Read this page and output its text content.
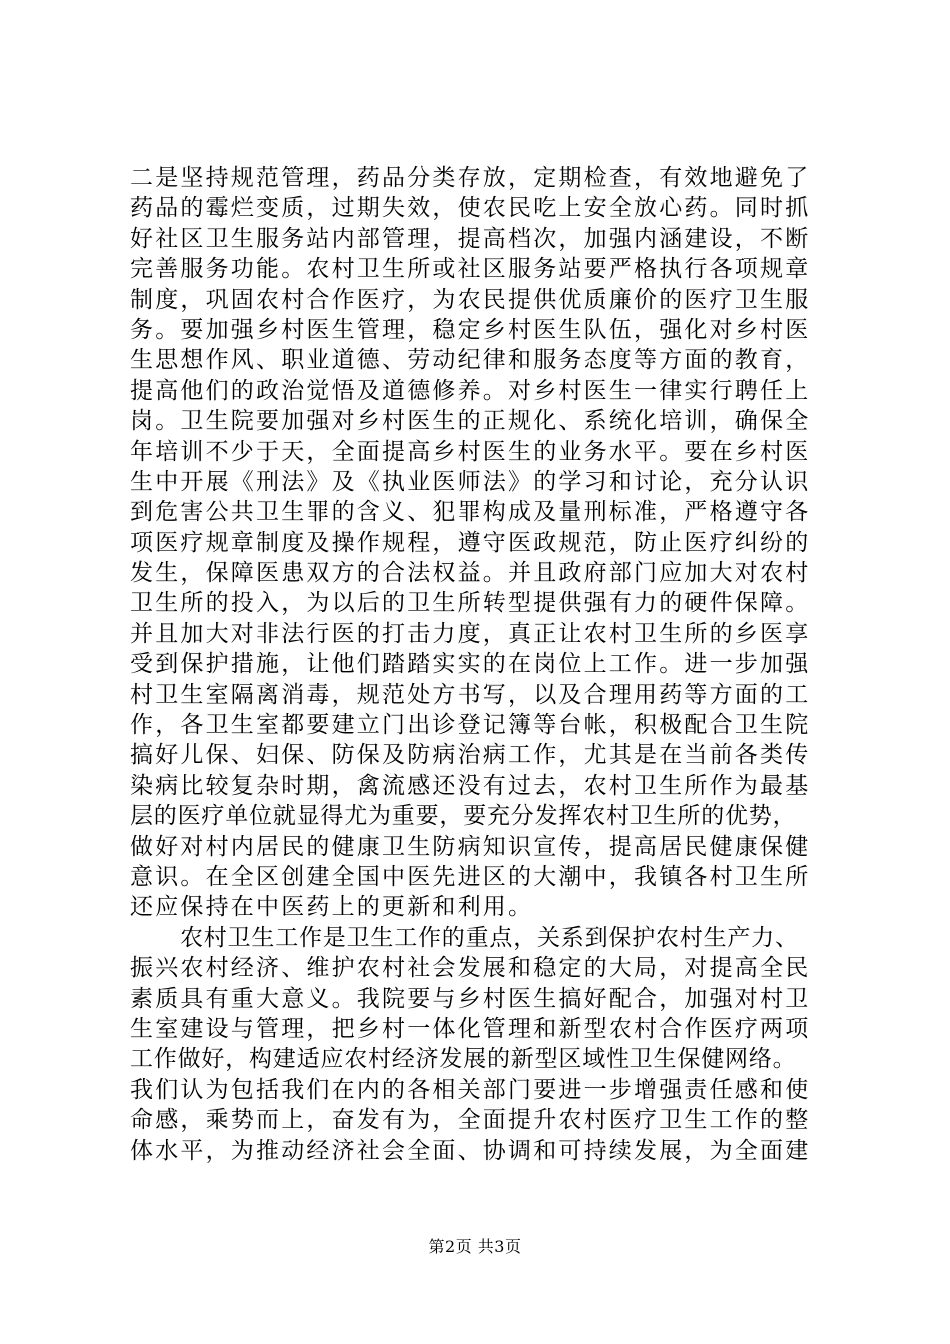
二是坚持规范管理，药品分类存放，定期检查，有效地避免了
药品的霉烂变质，过期失效，使农民吃上安全放心药。同时抓
好社区卫生服务站内部管理，提高档次，加强内涵建设，不断
完善服务功能。农村卫生所或社区服务站要严格执行各项规章
制度，巩固农村合作医疗，为农民提供优质廉价的医疗卫生服
务。要加强乡村医生管理，稳定乡村医生队伍，强化对乡村医
生思想作风、职业道德、劳动纪律和服务态度等方面的教育，
提高他们的政治觉悟及道德修养。对乡村医生一律实行聘任上
岗。卫生院要加强对乡村医生的正规化、系统化培训，确保全
年培训不少于天，全面提高乡村医生的业务水平。要在乡村医
生中开展《刑法》及《执业医师法》的学习和讨论，充分认识
到危害公共卫生罪的含义、犯罪构成及量刑标准，严格遵守各
项医疗规章制度及操作规程，遵守医政规范，防止医疗纠纷的
发生，保障医患双方的合法权益。并且政府部门应加大对农村
卫生所的投入，为以后的卫生所转型提供强有力的硬件保障。
并且加大对非法行医的打击力度，真正让农村卫生所的乡医享
受到保护措施，让他们踏踏实实的在岗位上工作。进一步加强
村卫生室隔离消毒，规范处方书写，以及合理用药等方面的工
作，各卫生室都要建立门出诊登记簿等台帐，积极配合卫生院
搞好儿保、妇保、防保及防病治病工作，尤其是在当前各类传
染病比较复杂时期，禽流感还没有过去，农村卫生所作为最基
层的医疗单位就显得尤为重要，要充分发挥农村卫生所的优势，
做好对村内居民的健康卫生防病知识宣传，提高居民健康保健
意识。在全区创建全国中医先进区的大潮中，我镇各村卫生所
还应保持在中医药上的更新和利用。
农村卫生工作是卫生工作的重点，关系到保护农村生产力、
振兴农村经济、维护农村社会发展和稳定的大局，对提高全民
素质具有重大意义。我院要与乡村医生搞好配合，加强对村卫
生室建设与管理，把乡村一体化管理和新型农村合作医疗两项
工作做好，构建适应农村经济发展的新型区域性卫生保健网络。
我们认为包括我们在内的各相关部门要进一步增强责任感和使
命感，乘势而上，奋发有为，全面提升农村医疗卫生工作的整
体水平，为推动经济社会全面、协调和可持续发展，为全面建
第2页 共3页
